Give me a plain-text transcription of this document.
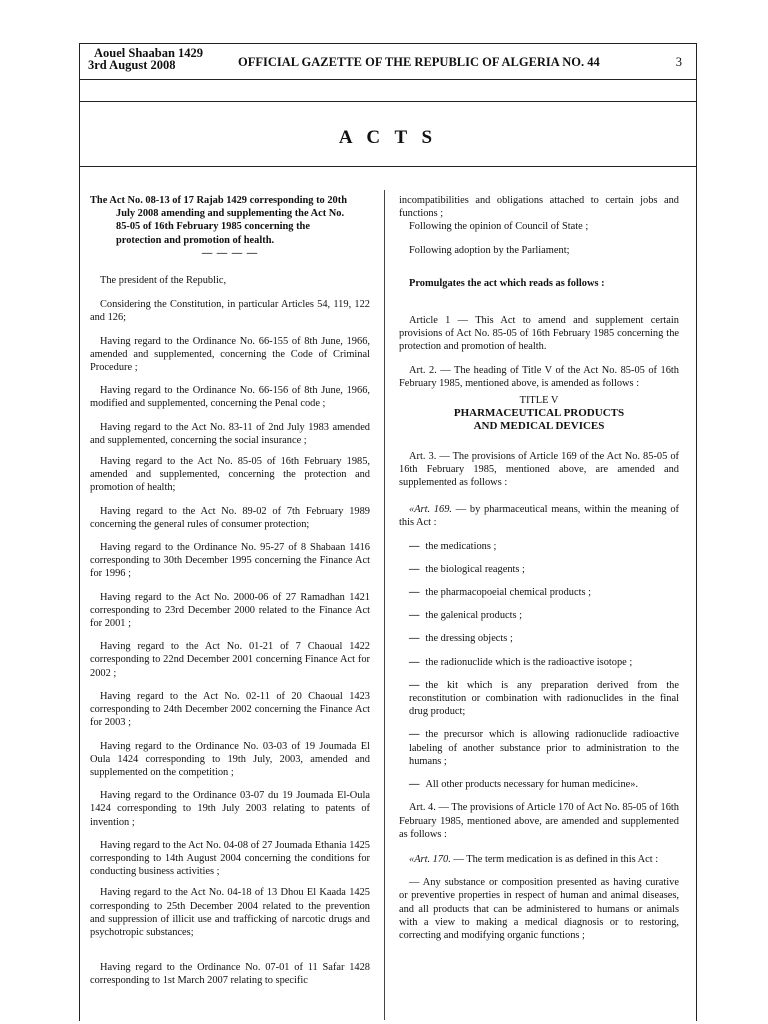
Aouel Shaaban 1429
3rd August 2008	OFFICIAL GAZETTE OF THE REPUBLIC OF ALGERIA NO. 44	3
A C T S

The Act No. 08-13 of 17 Rajab 1429 corresponding to 20th
July 2008 amending and supplementing the Act No.
85-05 of 16th February 1985 concerning the
protection and promotion of health.

— — — —

The president of the Republic,

Considering the Constitution, in particular Articles 54, 119, 122 and 126;

Having regard to the Ordinance No. 66-155 of 8th June, 1966, amended and supplemented, concerning the Code of Criminal Procedure ;

Having regard to the Ordinance No. 66-156 of 8th June, 1966, modified and supplemented, concerning the Penal code ;

Having regard to the Act No. 83-11 of 2nd July 1983 amended and supplemented, concerning the social insurance ;

Having regard to the Act No. 85-05 of 16th February 1985, amended and supplemented, concerning the protection and promotion of health;

Having regard to the Act No. 89-02 of 7th February 1989 concerning the general rules of consumer protection;

Having regard to the Ordinance No. 95-27 of 8 Shabaan 1416 corresponding to 30th December 1995 concerning the Finance Act for 1996 ;

Having regard to the Act No. 2000-06 of 27 Ramadhan 1421 corresponding to 23rd December 2000 related to the Finance Act for 2001 ;

Having regard to the Act No. 01-21 of 7 Chaoual 1422 corresponding to 22nd December 2001 concerning Finance Act for 2002 ;

Having regard to the Act No. 02-11 of 20 Chaoual 1423 corresponding to 24th December 2002 concerning the Finance Act for 2003 ;

Having regard to the Ordinance No. 03-03 of 19 Joumada El Oula 1424 corresponding to 19th July, 2003, amended and supplemented on the competition ;

Having regard to the Ordinance 03-07 du 19 Joumada El-Oula 1424 corresponding to 19th July 2003 relating to patents of invention ;

Having regard to the Act No. 04-08 of 27 Joumada Ethania 1425 corresponding to 14th August 2004 concerning the conditions for conducting business activities ;

Having regard to the Act No. 04-18 of 13 Dhou El Kaada 1425 corresponding to 25th December 2004 related to the prevention and suppression of illicit use and trafficking of narcotic drugs and psychotropic substances;

Having regard to the Ordinance No. 07-01 of 11 Safar 1428 corresponding to 1st March 2007 relating to specific

incompatibilities and obligations attached to certain jobs and functions ;

Following the opinion of Council of State ;

Following adoption by the Parliament;

Promulgates the act which reads as follows :

Article 1 — This Act to amend and supplement certain provisions of Act No. 85-05 of 16th February 1985 concerning the protection and promotion of health.

Art. 2. — The heading of Title V of the Act No. 85-05 of 16th February 1985, mentioned above, is amended as follows :

TITLE V

PHARMACEUTICAL PRODUCTS

AND MEDICAL DEVICES

Art. 3. — The provisions of Article 169 of the Act No. 85-05 of 16th February 1985, mentioned above, are amended and supplemented as follows :

«Art. 169. — by pharmaceutical means, within the meaning of this Act :

— the medications ;

— the biological reagents ;

— the pharmacopoeial chemical products ;

— the galenical products ;

— the dressing objects ;

— the radionuclide which is the radioactive isotope ;

— the kit which is any preparation derived from the reconstitution or combination with radionuclides in the final drug product;

— the precursor which is allowing radionuclide radioactive labeling of another substance prior to administration to the humans ;

— All other products necessary for human medicine».

Art. 4. — The provisions of Article 170 of Act No. 85-05 of 16th February 1985, mentioned above, are amended and supplemented as follows :

«Art. 170. — The term medication is as defined in this Act :

— Any substance or composition presented as having curative or preventive properties in respect of human and animal diseases, and all products that can be administered to humans or animals with a view to making a medical diagnosis or to restoring, correcting and modifying organic functions ;
